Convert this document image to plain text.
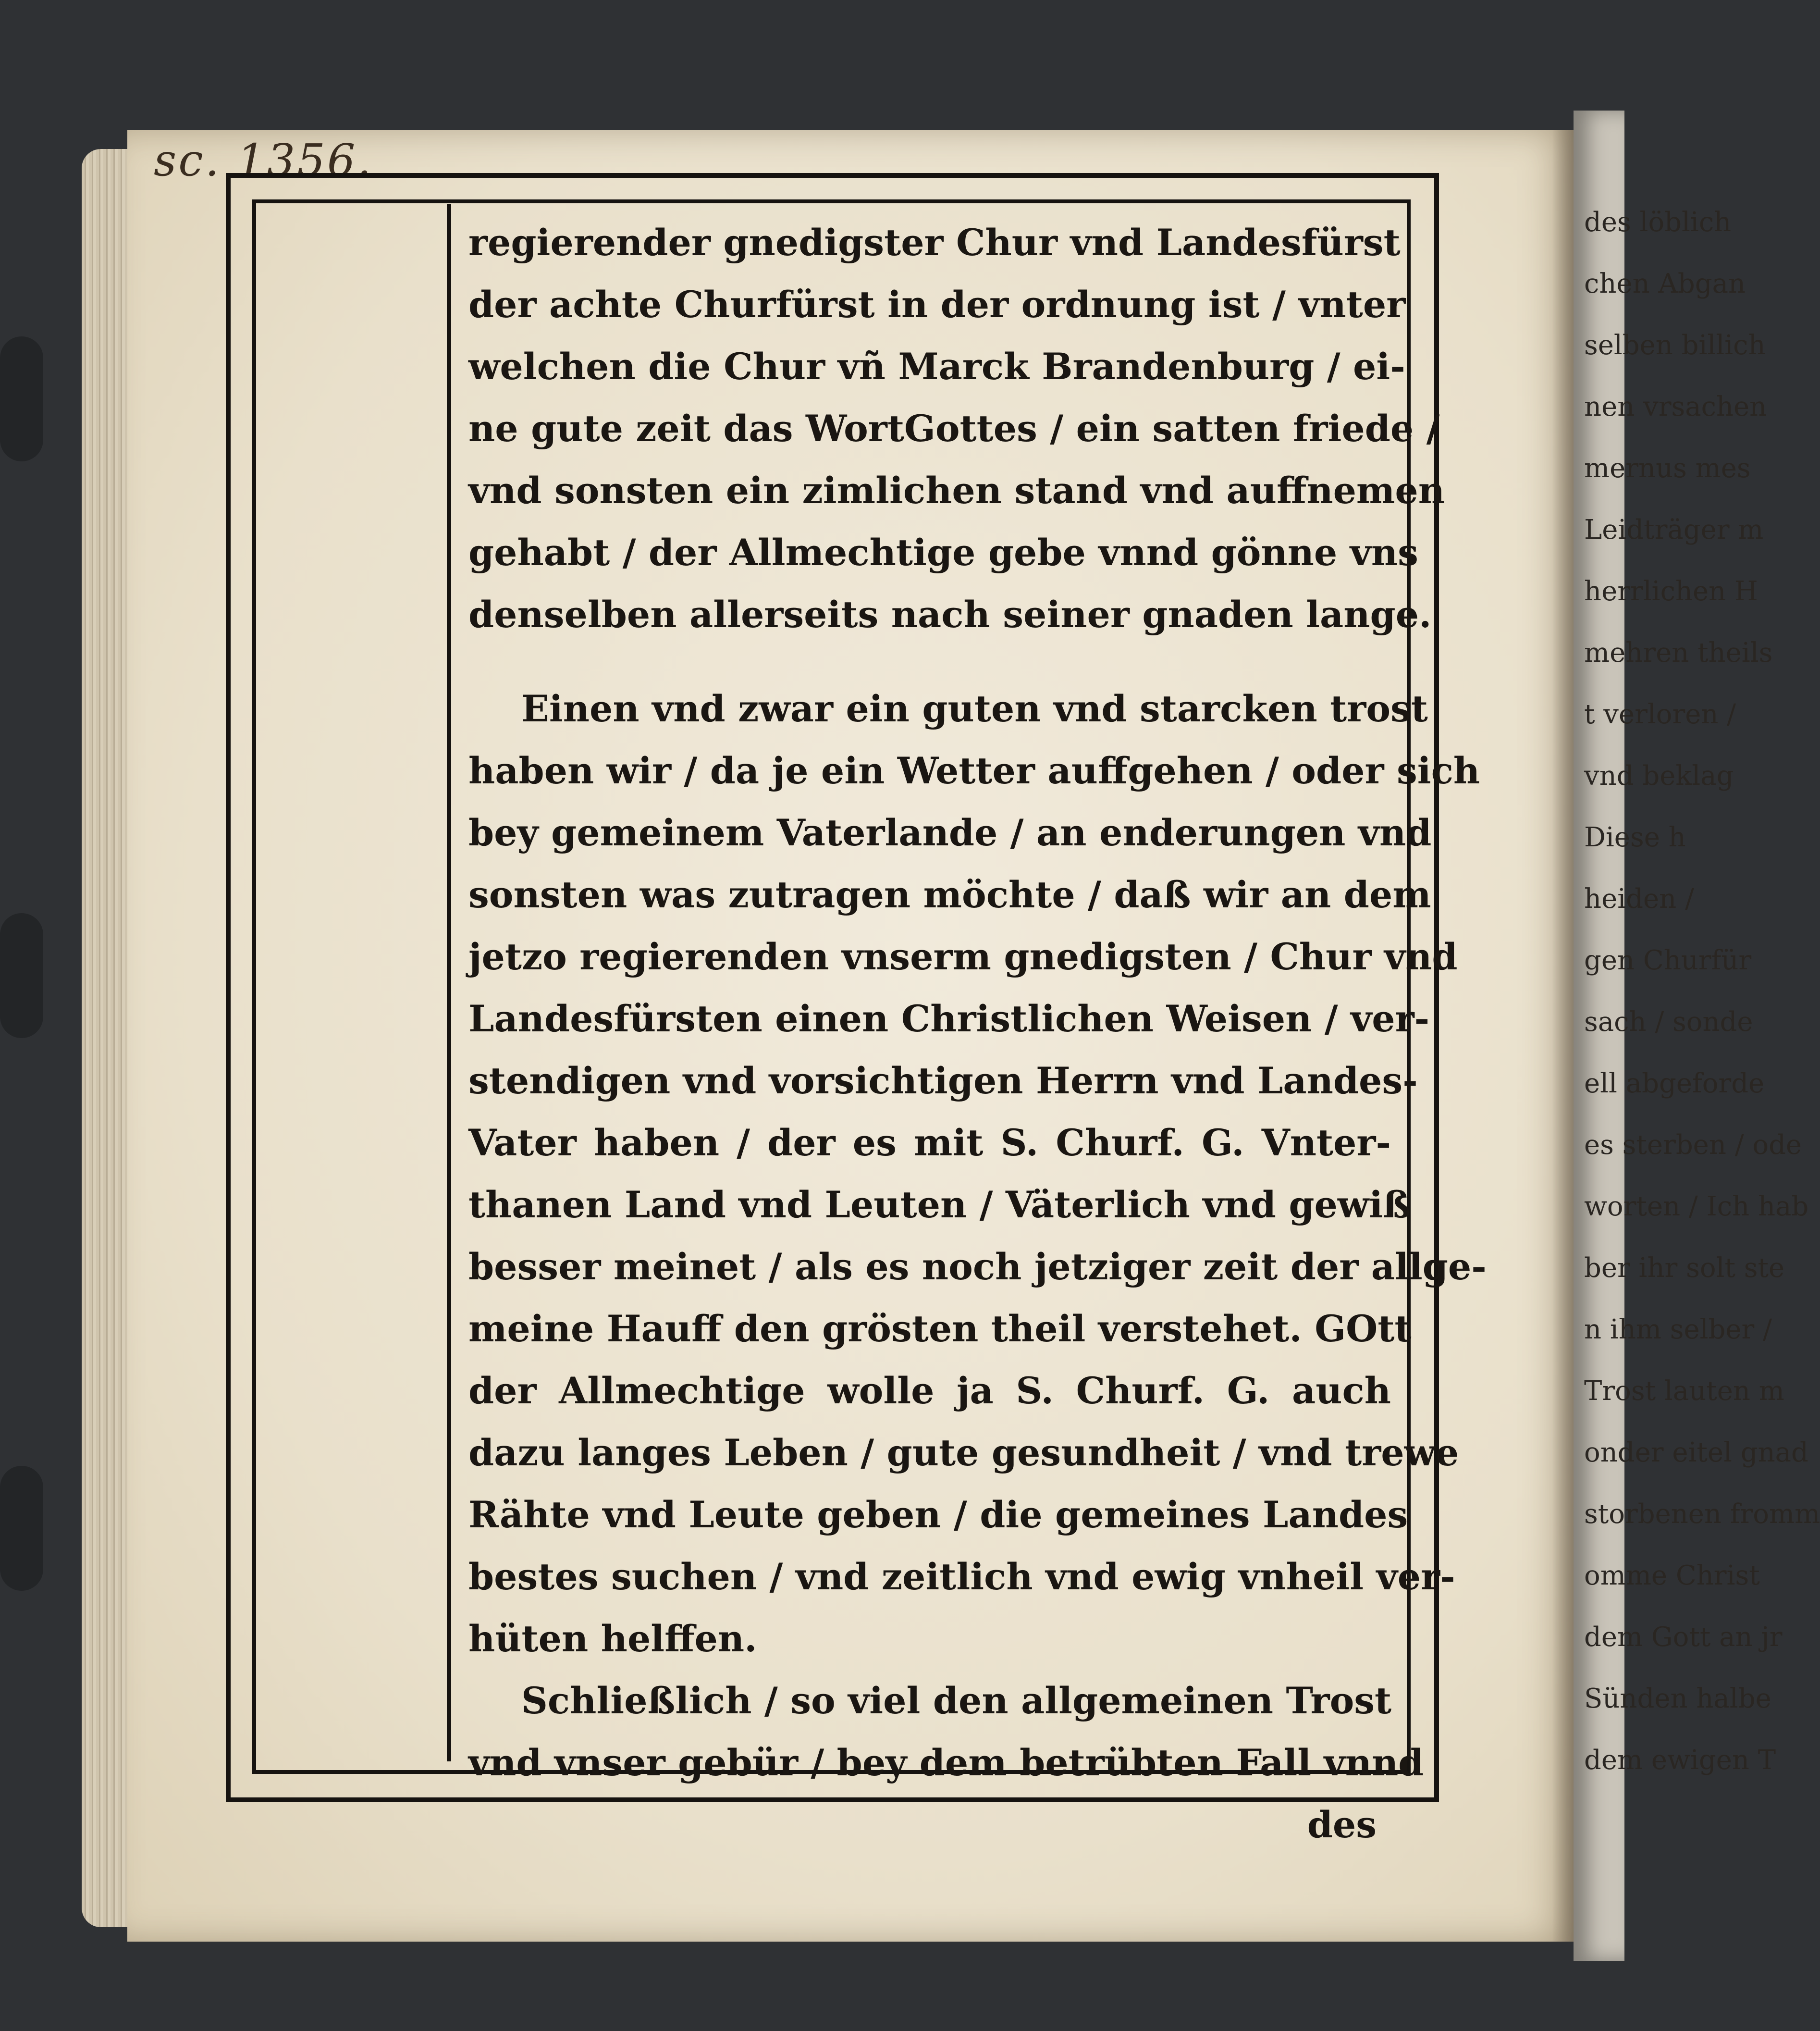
des löblich
chen Abgan
selben billich
nen vrsachen
mernus mes
Leidträger m
herrlichen H
mehren theils
t verloren /
vnd beklag
Diese h
heiden /
gen Churfür
sach / sonde
ell abgeforde
es sterben / ode
worten / Ich hab
ber ihr solt ste
n ihm selber /
Trost lauten m
onder eitel gnad
storbenen fromm
omme Christ
dem Gott an jr
Sünden halbe
dem ewigen T
sc. 1356.
regierender gnedigster Chur vnd Landesfürst
der achte Churfürst in der ordnung ist / vnter
welchen die Chur vñ Marck Brandenburg / ei-
ne gute zeit das WortGottes / ein satten friede /
vnd sonsten ein zimlichen stand vnd auffnemen
gehabt / der Allmechtige gebe vnnd gönne vns
denselben allerseits nach seiner gnaden lange.
Einen vnd zwar ein guten vnd starcken trost
haben wir / da je ein Wetter auffgehen / oder sich
bey gemeinem Vaterlande / an enderungen vnd
sonsten was zutragen möchte / daß wir an dem
jetzo regierenden vnserm gnedigsten / Chur vnd
Landesfürsten einen Christlichen Weisen / ver-
stendigen vnd vorsichtigen Herrn vnd Landes-
Vater haben / der es mit S. Churf. G. Vnter-
thanen Land vnd Leuten / Väterlich vnd gewiß
besser meinet / als es noch jetziger zeit der allge-
meine Hauff den grösten theil verstehet. GOtt
der Allmechtige wolle ja S. Churf. G. auch
dazu langes Leben / gute gesundheit / vnd trewe
Rähte vnd Leute geben / die gemeines Landes
bestes suchen / vnd zeitlich vnd ewig vnheil ver-
hüten helffen.
Schließlich / so viel den allgemeinen Trost
vnd vnser gebür / bey dem betrübten Fall vnnd
des
